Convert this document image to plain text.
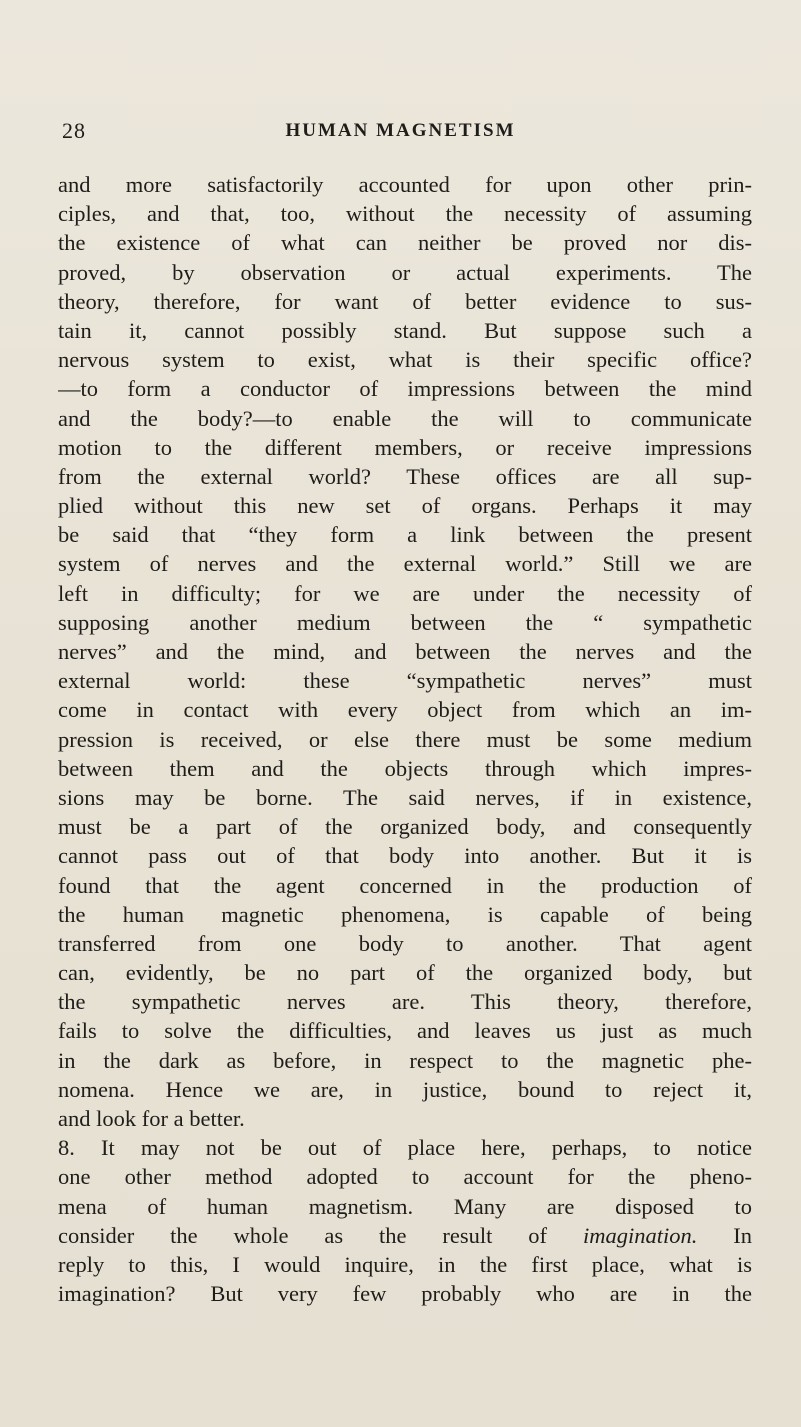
28	HUMAN MAGNETISM
and more satisfactorily accounted for upon other prin-
ciples, and that, too, without the necessity of assuming
the existence of what can neither be proved nor dis-
proved, by observation or actual experiments. The
theory, therefore, for want of better evidence to sus-
tain it, cannot possibly stand. But suppose such a
nervous system to exist, what is their specific office?
—to form a conductor of impressions between the mind
and the body?—to enable the will to communicate
motion to the different members, or receive impressions
from the external world? These offices are all sup-
plied without this new set of organs. Perhaps it may
be said that “they form a link between the present
system of nerves and the external world.” Still we are
left in difficulty; for we are under the necessity of
supposing another medium between the “ sympathetic
nerves” and the mind, and between the nerves and the
external world: these “sympathetic nerves” must
come in contact with every object from which an im-
pression is received, or else there must be some medium
between them and the objects through which impres-
sions may be borne. The said nerves, if in existence,
must be a part of the organized body, and consequently
cannot pass out of that body into another. But it is
found that the agent concerned in the production of
the human magnetic phenomena, is capable of being
transferred from one body to another. That agent
can, evidently, be no part of the organized body, but
the sympathetic nerves are. This theory, therefore,
fails to solve the difficulties, and leaves us just as much
in the dark as before, in respect to the magnetic phe-
nomena. Hence we are, in justice, bound to reject it,
and look for a better.
8. It may not be out of place here, perhaps, to notice
one other method adopted to account for the pheno-
mena of human magnetism. Many are disposed to
consider the whole as the result of imagination. In
reply to this, I would inquire, in the first place, what is
imagination? But very few probably who are in the
